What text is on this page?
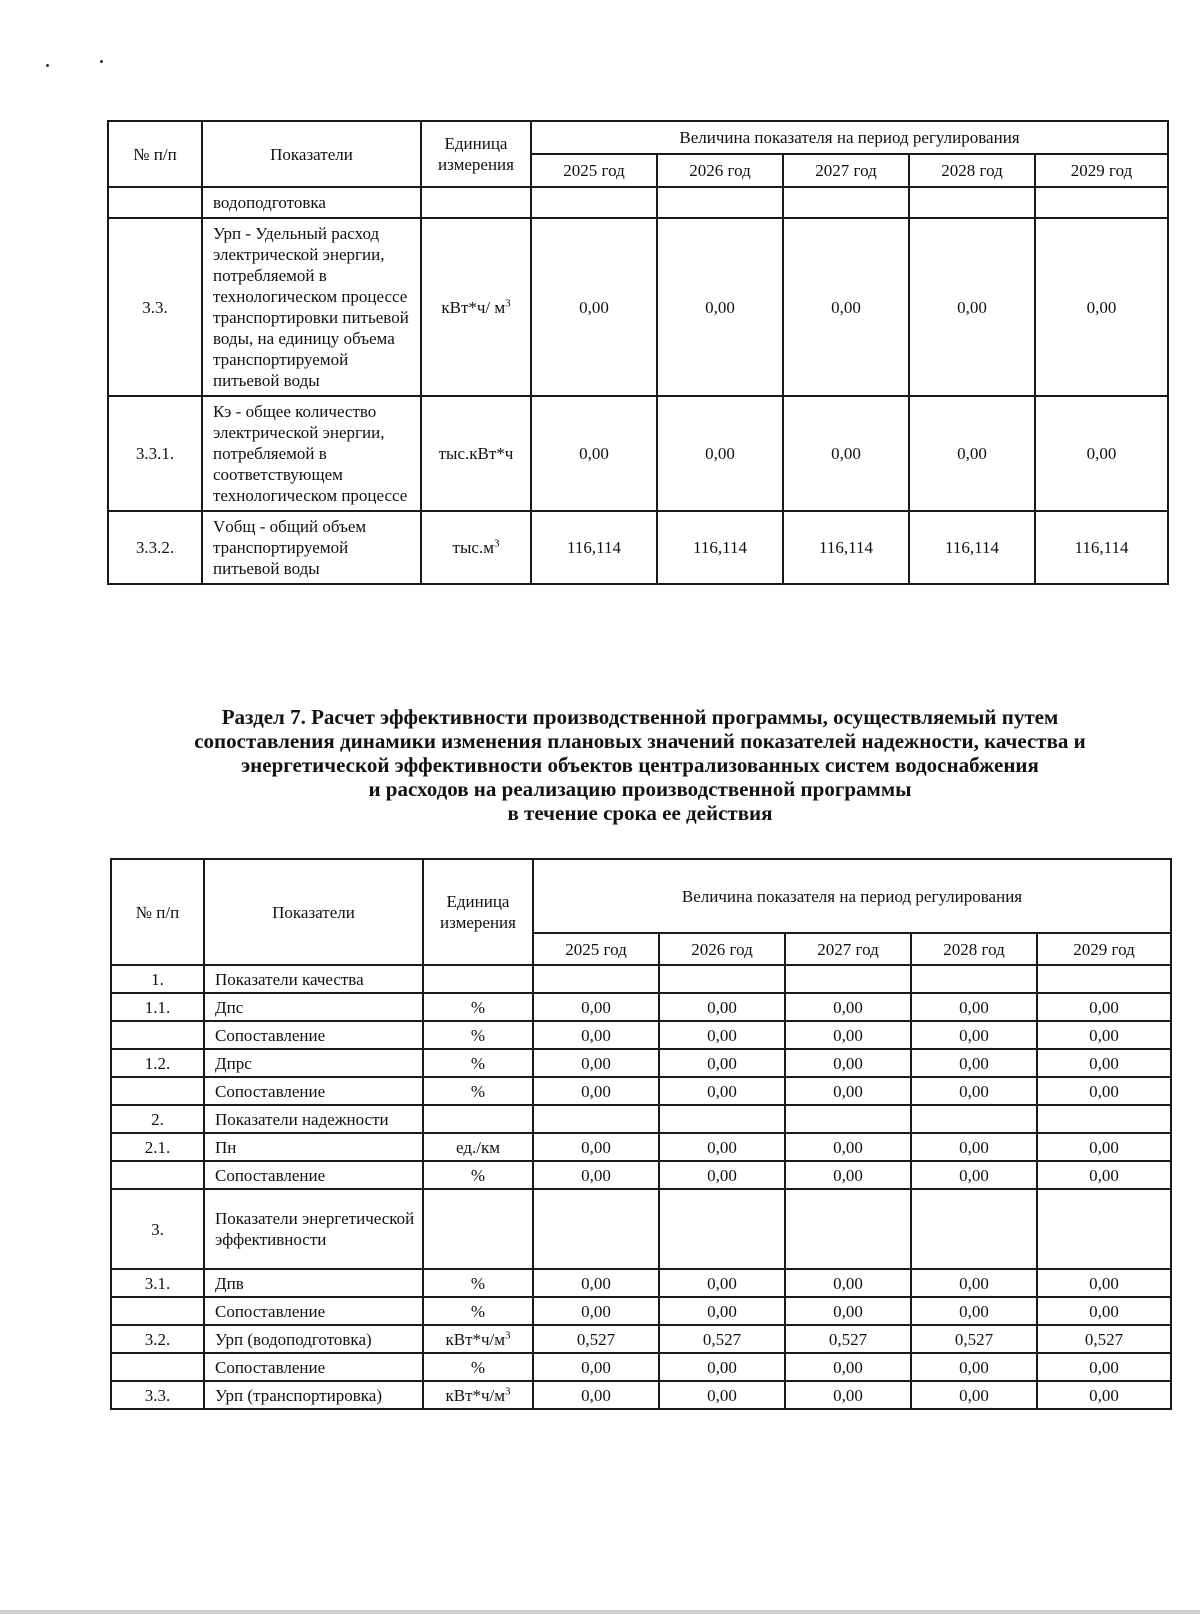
№ п/п	Показатели	Единица измерения	Величина показателя на период регулирования				
			2025 год	2026 год	2027 год	2028 год	2029 год
	водоподготовка						
3.3.	Урп - Удельный расход электрической энергии, потребляемой в технологическом процессе транспортировки питьевой воды, на единицу объема транспортируемой питьевой воды	кВт*ч/ $м^3$	0,00	0,00	0,00	0,00	0,00
3.3.1.	Кэ - общее количество электрической энергии, потребляемой в соответствующем технологическом процессе	тыс.кВт*ч	0,00	0,00	0,00	0,00	0,00
3.3.2.	Vобщ - общий объем транспортируемой питьевой воды	$тыс.м^3$	116,114	116,114	116,114	116,114	116,114
Раздел 7. Расчет эффективности производственной программы, осуществляемый путем
сопоставления динамики изменения плановых значений показателей надежности, качества и
энергетической эффективности объектов централизованных систем водоснабжения
и расходов на реализацию производственной программы
в течение срока ее действия
№ п/п	Показатели	Единица измерения	Величина показателя на период регулирования				
			2025 год	2026 год	2027 год	2028 год	2029 год
1.	Показатели качества						
1.1.	Дпс	%	0,00	0,00	0,00	0,00	0,00
	Сопоставление	%	0,00	0,00	0,00	0,00	0,00
1.2.	Дпрс	%	0,00	0,00	0,00	0,00	0,00
	Сопоставление	%	0,00	0,00	0,00	0,00	0,00
2.	Показатели надежности						
2.1.	Пн	ед./км	0,00	0,00	0,00	0,00	0,00
	Сопоставление	%	0,00	0,00	0,00	0,00	0,00
3.	Показатели энергетической эффективности						
3.1.	Дпв	%	0,00	0,00	0,00	0,00	0,00
	Сопоставление	%	0,00	0,00	0,00	0,00	0,00
3.2.	Урп (водоподготовка)	$кВт*ч/м^3$	0,527	0,527	0,527	0,527	0,527
	Сопоставление	%	0,00	0,00	0,00	0,00	0,00
3.3.	Урп (транспортировка)	$кВт*ч/м^3$	0,00	0,00	0,00	0,00	0,00
